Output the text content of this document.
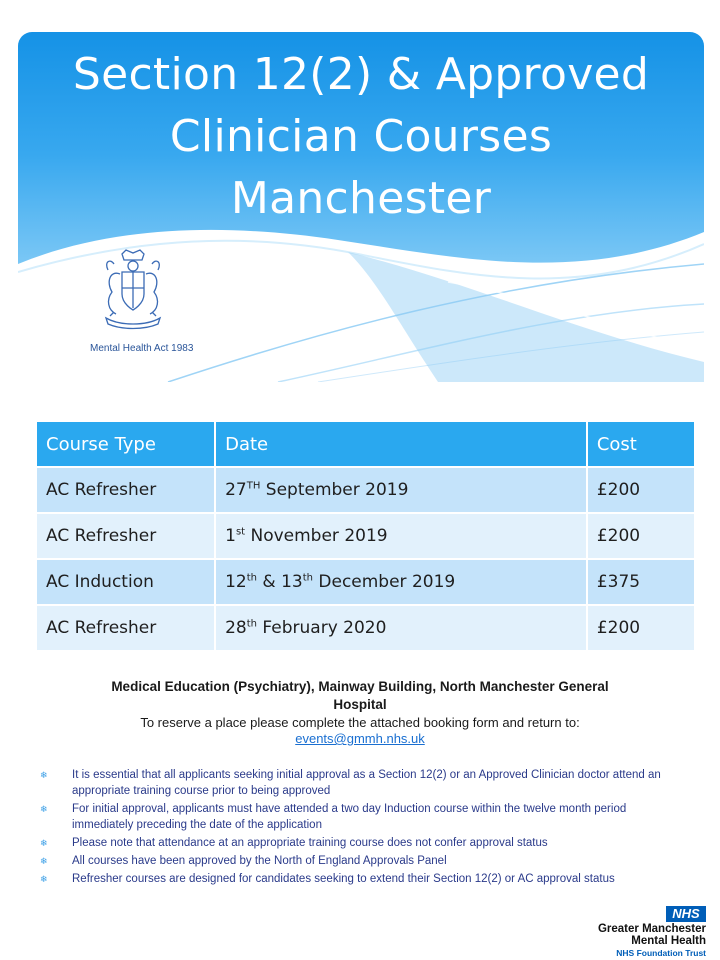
Section 12(2) & Approved
Clinician Courses
Manchester
Mental Health Act 1983
Course Type	Date	Cost
AC Refresher	27TH September 2019	£200
AC Refresher	1st November 2019	£200
AC Induction	12th & 13th December 2019	£375
AC Refresher	28th February 2020	£200
Medical Education (Psychiatry), Mainway Building, North Manchester General
Hospital
To reserve a place please complete the attached booking form and return to:
events@gmmh.nhs.uk
❄ It is essential that all applicants seeking initial approval as a Section 12(2) or an Approved Clinician doctor attend an appropriate training course prior to being approved
❄ For initial approval, applicants must have attended a two day Induction course within the twelve month period immediately preceding the date of the application
❄ Please note that attendance at an appropriate training course does not confer approval status
❄ All courses have been approved by the North of England Approvals Panel
❄ Refresher courses are designed for candidates seeking to extend their Section 12(2) or AC approval status
NHS
Greater Manchester
Mental Health
NHS Foundation Trust
